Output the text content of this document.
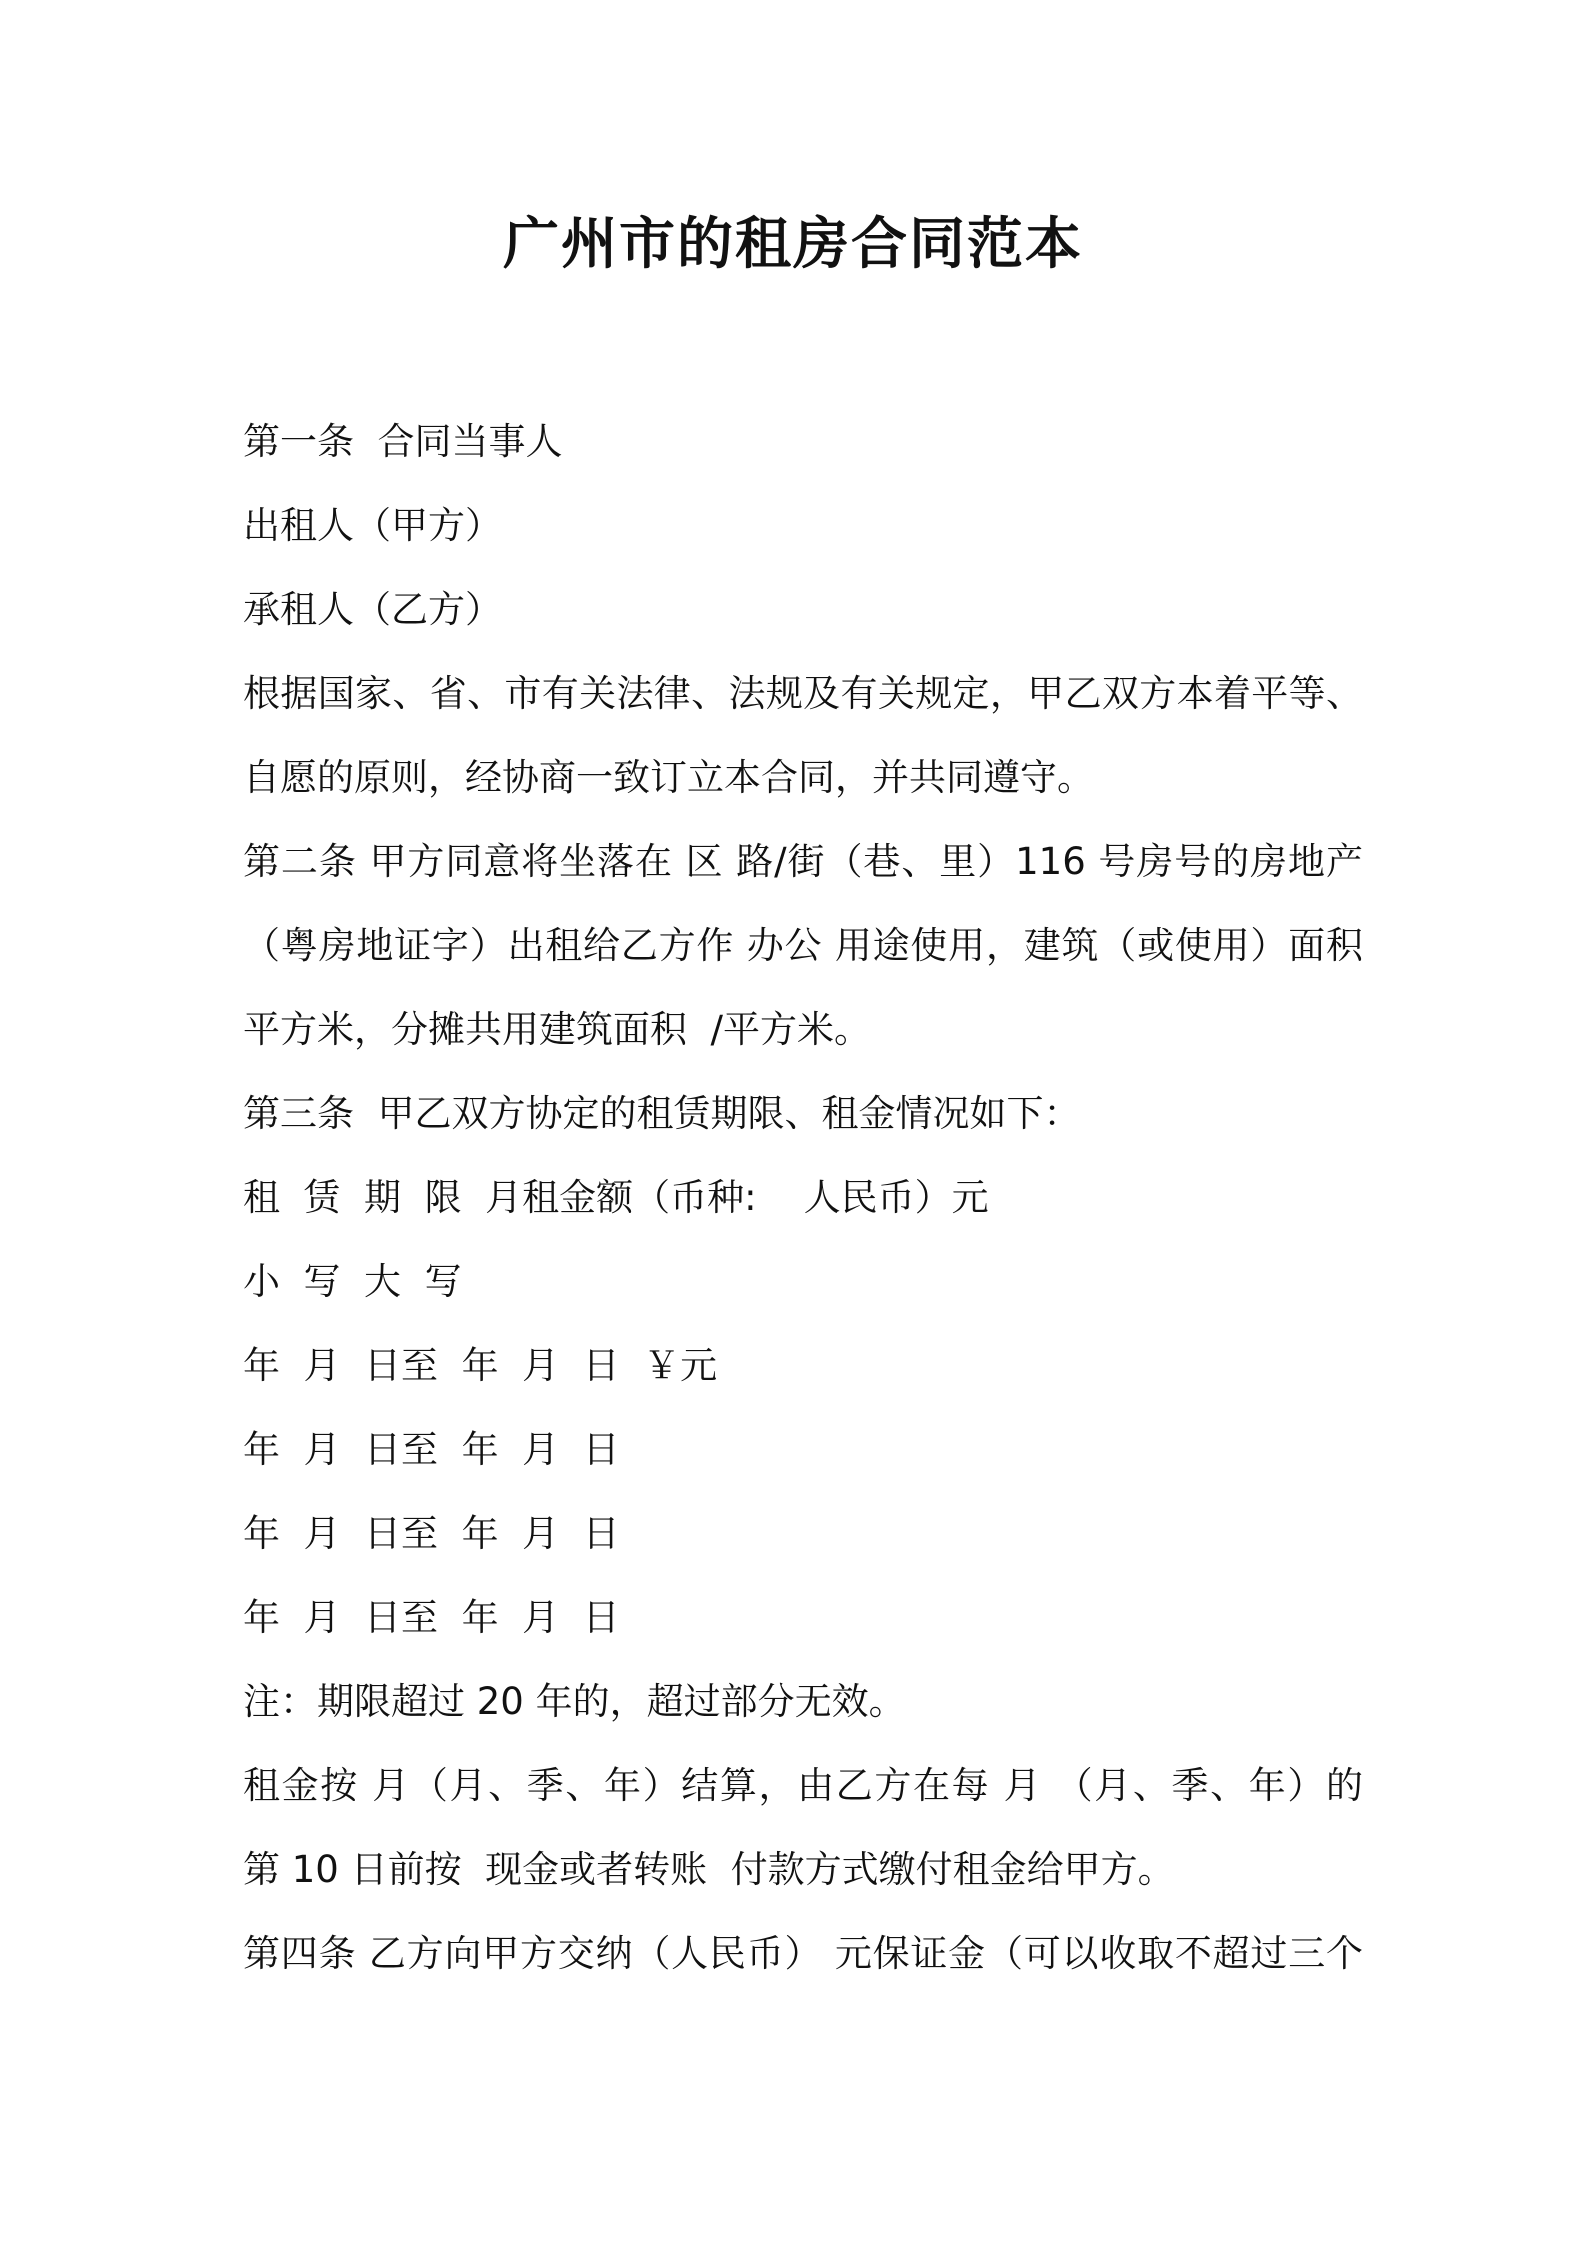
广州市的租房合同范本
第一条  合同当事人
出租人（甲方）
承租人（乙方）
根据国家、省、市有关法律、法规及有关规定，甲乙双方本着平等、
自愿的原则，经协商一致订立本合同，并共同遵守。
第二条 甲方同意将坐落在 区 路/街（巷、里）116 号房号的房地产
（粤房地证字）出租给乙方作 办公 用途使用，建筑（或使用）面积
平方米，分摊共用建筑面积  /平方米。
第三条  甲乙双方协定的租赁期限、租金情况如下：
租  赁  期  限  月租金额（币种:    人民币）元
小  写  大  写
年  月  日至  年  月  日  ￥元
年  月  日至  年  月  日
年  月  日至  年  月  日
年  月  日至  年  月  日
注：期限超过 20 年的，超过部分无效。
租金按 月（月、季、年）结算，由乙方在每 月 （月、季、年）的
第 10 日前按  现金或者转账  付款方式缴付租金给甲方。
第四条 乙方向甲方交纳（人民币） 元保证金（可以收取不超过三个
